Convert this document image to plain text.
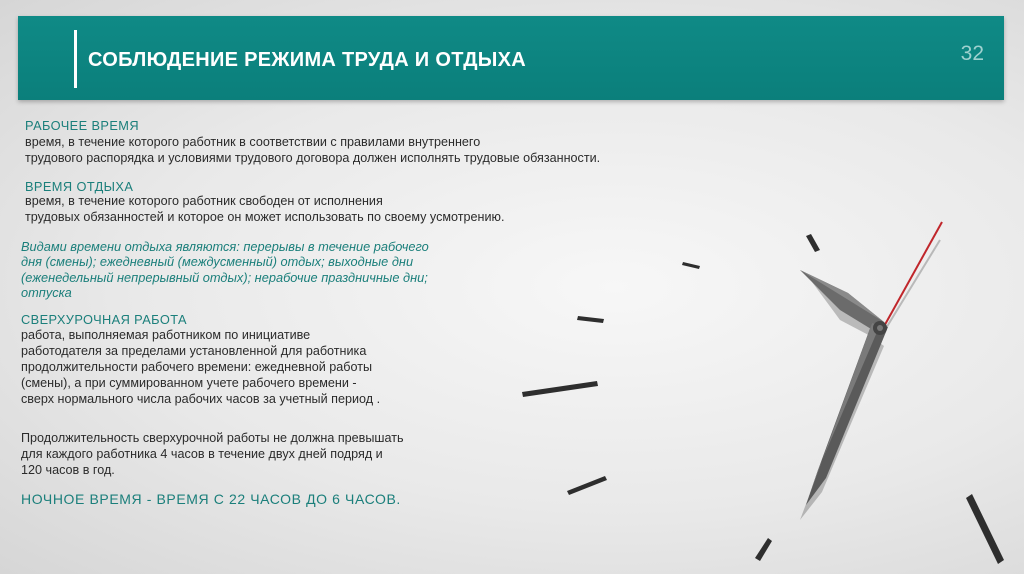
СОБЛЮДЕНИЕ РЕЖИМА ТРУДА И ОТДЫХА	32
РАБОЧЕЕ ВРЕМЯ
время, в течение которого работник в соответствии с правилами внутреннего
трудового распорядка и условиями трудового договора должен исполнять трудовые обязанности.
ВРЕМЯ ОТДЫХА
время, в течение которого работник свободен от исполнения
трудовых обязанностей и которое он может использовать по своему усмотрению.
Видами времени отдыха являются: перерывы в течение рабочего
дня (смены); ежедневный (междусменный) отдых; выходные дни
(еженедельный непрерывный отдых); нерабочие праздничные дни;
отпуска
СВЕРХУРОЧНАЯ РАБОТА
работа, выполняемая работником по инициативе
работодателя за пределами установленной для работника
продолжительности рабочего времени: ежедневной работы
(смены), а при суммированном учете рабочего времени -
сверх нормального числа рабочих часов за учетный период .
Продолжительность сверхурочной работы не должна превышать
для каждого работника 4 часов в течение двух дней подряд и
120 часов в год.
НОЧНОЕ ВРЕМЯ - ВРЕМЯ С 22 ЧАСОВ ДО 6 ЧАСОВ.
